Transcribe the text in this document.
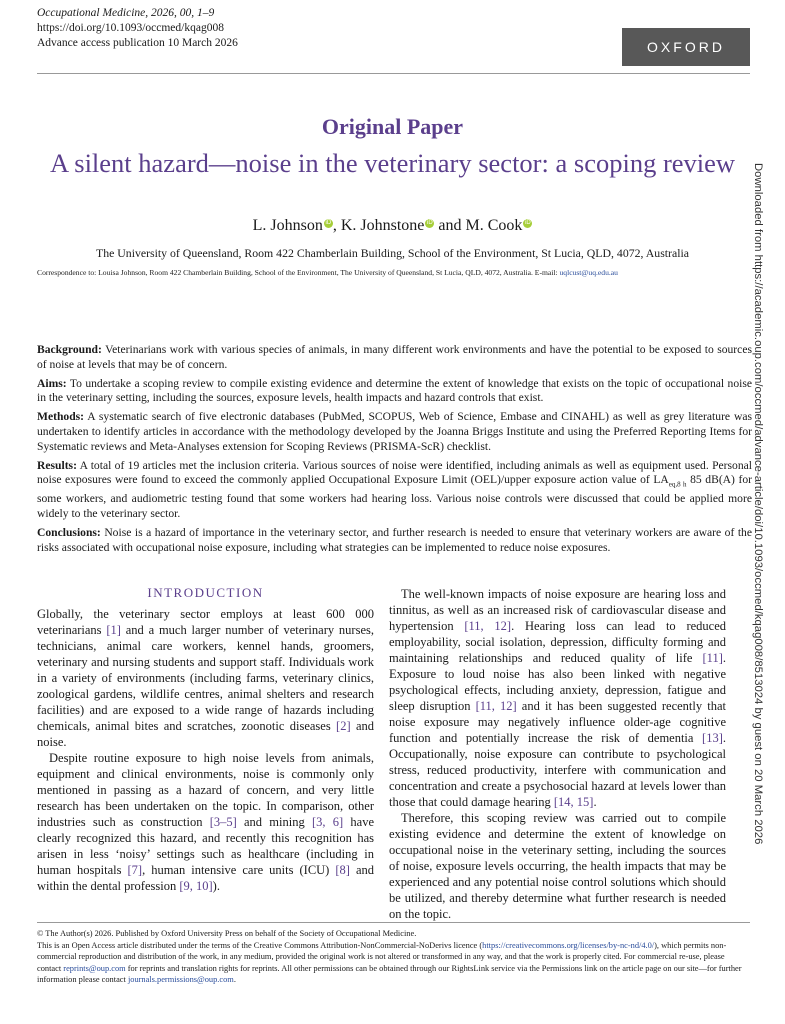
Occupational Medicine, 2026, 00, 1–9
https://doi.org/10.1093/occmed/kqag008
Advance access publication 10 March 2026	OXFORD
Downloaded from https://academic.oup.com/occmed/advance-article/doi/10.1093/occmed/kqag008/8513024 by guest on 20 March 2026
Original Paper
A silent hazard—noise in the veterinary sector: a scoping review
L. Johnson iD , K. Johnstone iD and M. Cook iD
The University of Queensland, Room 422 Chamberlain Building, School of the Environment, St Lucia, QLD, 4072, Australia
Correspondence to: Louisa Johnson, Room 422 Chamberlain Building, School of the Environment, The University of Queensland, St Lucia, QLD, 4072, Australia. E-mail: uqlcust@uq.edu.au

Background: Veterinarians work with various species of animals, in many different work environments and have the potential to be exposed to sources of noise at levels that may be of concern.

Aims: To undertake a scoping review to compile existing evidence and determine the extent of knowledge that exists on the topic of occupational noise in the veterinary setting, including the sources, exposure levels, health impacts and hazard controls that exist.

Methods: A systematic search of five electronic databases (PubMed, SCOPUS, Web of Science, Embase and CINAHL) as well as grey literature was undertaken to identify articles in accordance with the methodology developed by the Joanna Briggs Institute and using the Preferred Reporting Items for Systematic reviews and Meta-Analyses extension for Scoping Reviews (PRISMA-ScR) checklist.

Results: A total of 19 articles met the inclusion criteria. Various sources of noise were identified, including animals as well as equipment used. Personal noise exposures were found to exceed the commonly applied Occupational Exposure Limit (OEL)/upper exposure action value of $LA_{eq,8 h}$ 85 dB(A) for some workers, and audiometric testing found that some workers had hearing loss. Various noise controls were discussed that could be applied more widely to the veterinary sector.

Conclusions: Noise is a hazard of importance in the veterinary sector, and further research is needed to ensure that veterinary workers are aware of the risks associated with occupational noise exposure, including what strategies can be implemented to reduce noise exposures.

INTRODUCTION

Globally, the veterinary sector employs at least 600 000 veterinarians [1] and a much larger number of veterinary nurses, technicians, animal care workers, kennel hands, groomers, veterinary and nursing students and support staff. Individuals work in a variety of environments (including farms, veterinary clinics, zoological gardens, wildlife centres, animal shelters and research facilities) and are exposed to a wide range of hazards including chemicals, animal bites and scratches, zoonotic diseases [2] and noise.

Despite routine exposure to high noise levels from animals, equipment and clinical environments, noise is commonly only mentioned in passing as a hazard of concern, and very little research has been undertaken on the topic. In comparison, other industries such as construction [3–5] and mining [3, 6] have clearly recognized this hazard, and recently this recognition has arisen in less ‘noisy’ settings such as healthcare (including in human hospitals [7], human intensive care units (ICU) [8] and within the dental profession [9, 10]).

The well-known impacts of noise exposure are hearing loss and tinnitus, as well as an increased risk of cardiovascular disease and hypertension [11, 12]. Hearing loss can lead to reduced employability, social isolation, depression, difficulty forming and maintaining relationships and reduced quality of life [11]. Exposure to loud noise has also been linked with negative psychological effects, including anxiety, depression, fatigue and sleep disruption [11, 12] and it has been suggested recently that noise exposure may negatively influence older-age cognitive function and potentially increase the risk of dementia [13]. Occupationally, noise exposure can contribute to psychological stress, reduced productivity, interfere with communication and concentration and create a psychosocial hazard at levels lower than those that could damage hearing [14, 15].

Therefore, this scoping review was carried out to compile existing evidence and determine the extent of knowledge on occupational noise in the veterinary setting, including the sources of noise, exposure levels occurring, the health impacts that may be experienced and any potential noise control solutions which should be utilized, and thereby determine what further research is needed on the topic.

© The Author(s) 2026. Published by Oxford University Press on behalf of the Society of Occupational Medicine.

This is an Open Access article distributed under the terms of the Creative Commons Attribution-NonCommercial-NoDerivs licence (https://creativecommons.org/licenses/by-nc-nd/4.0/), which permits non-commercial reproduction and distribution of the work, in any medium, provided the original work is not altered or transformed in any way, and that the work is properly cited. For commercial re-use, please contact reprints@oup.com for reprints and translation rights for reprints. All other permissions can be obtained through our RightsLink service via the Permissions link on the article page on our site—for further information please contact journals.permissions@oup.com.
